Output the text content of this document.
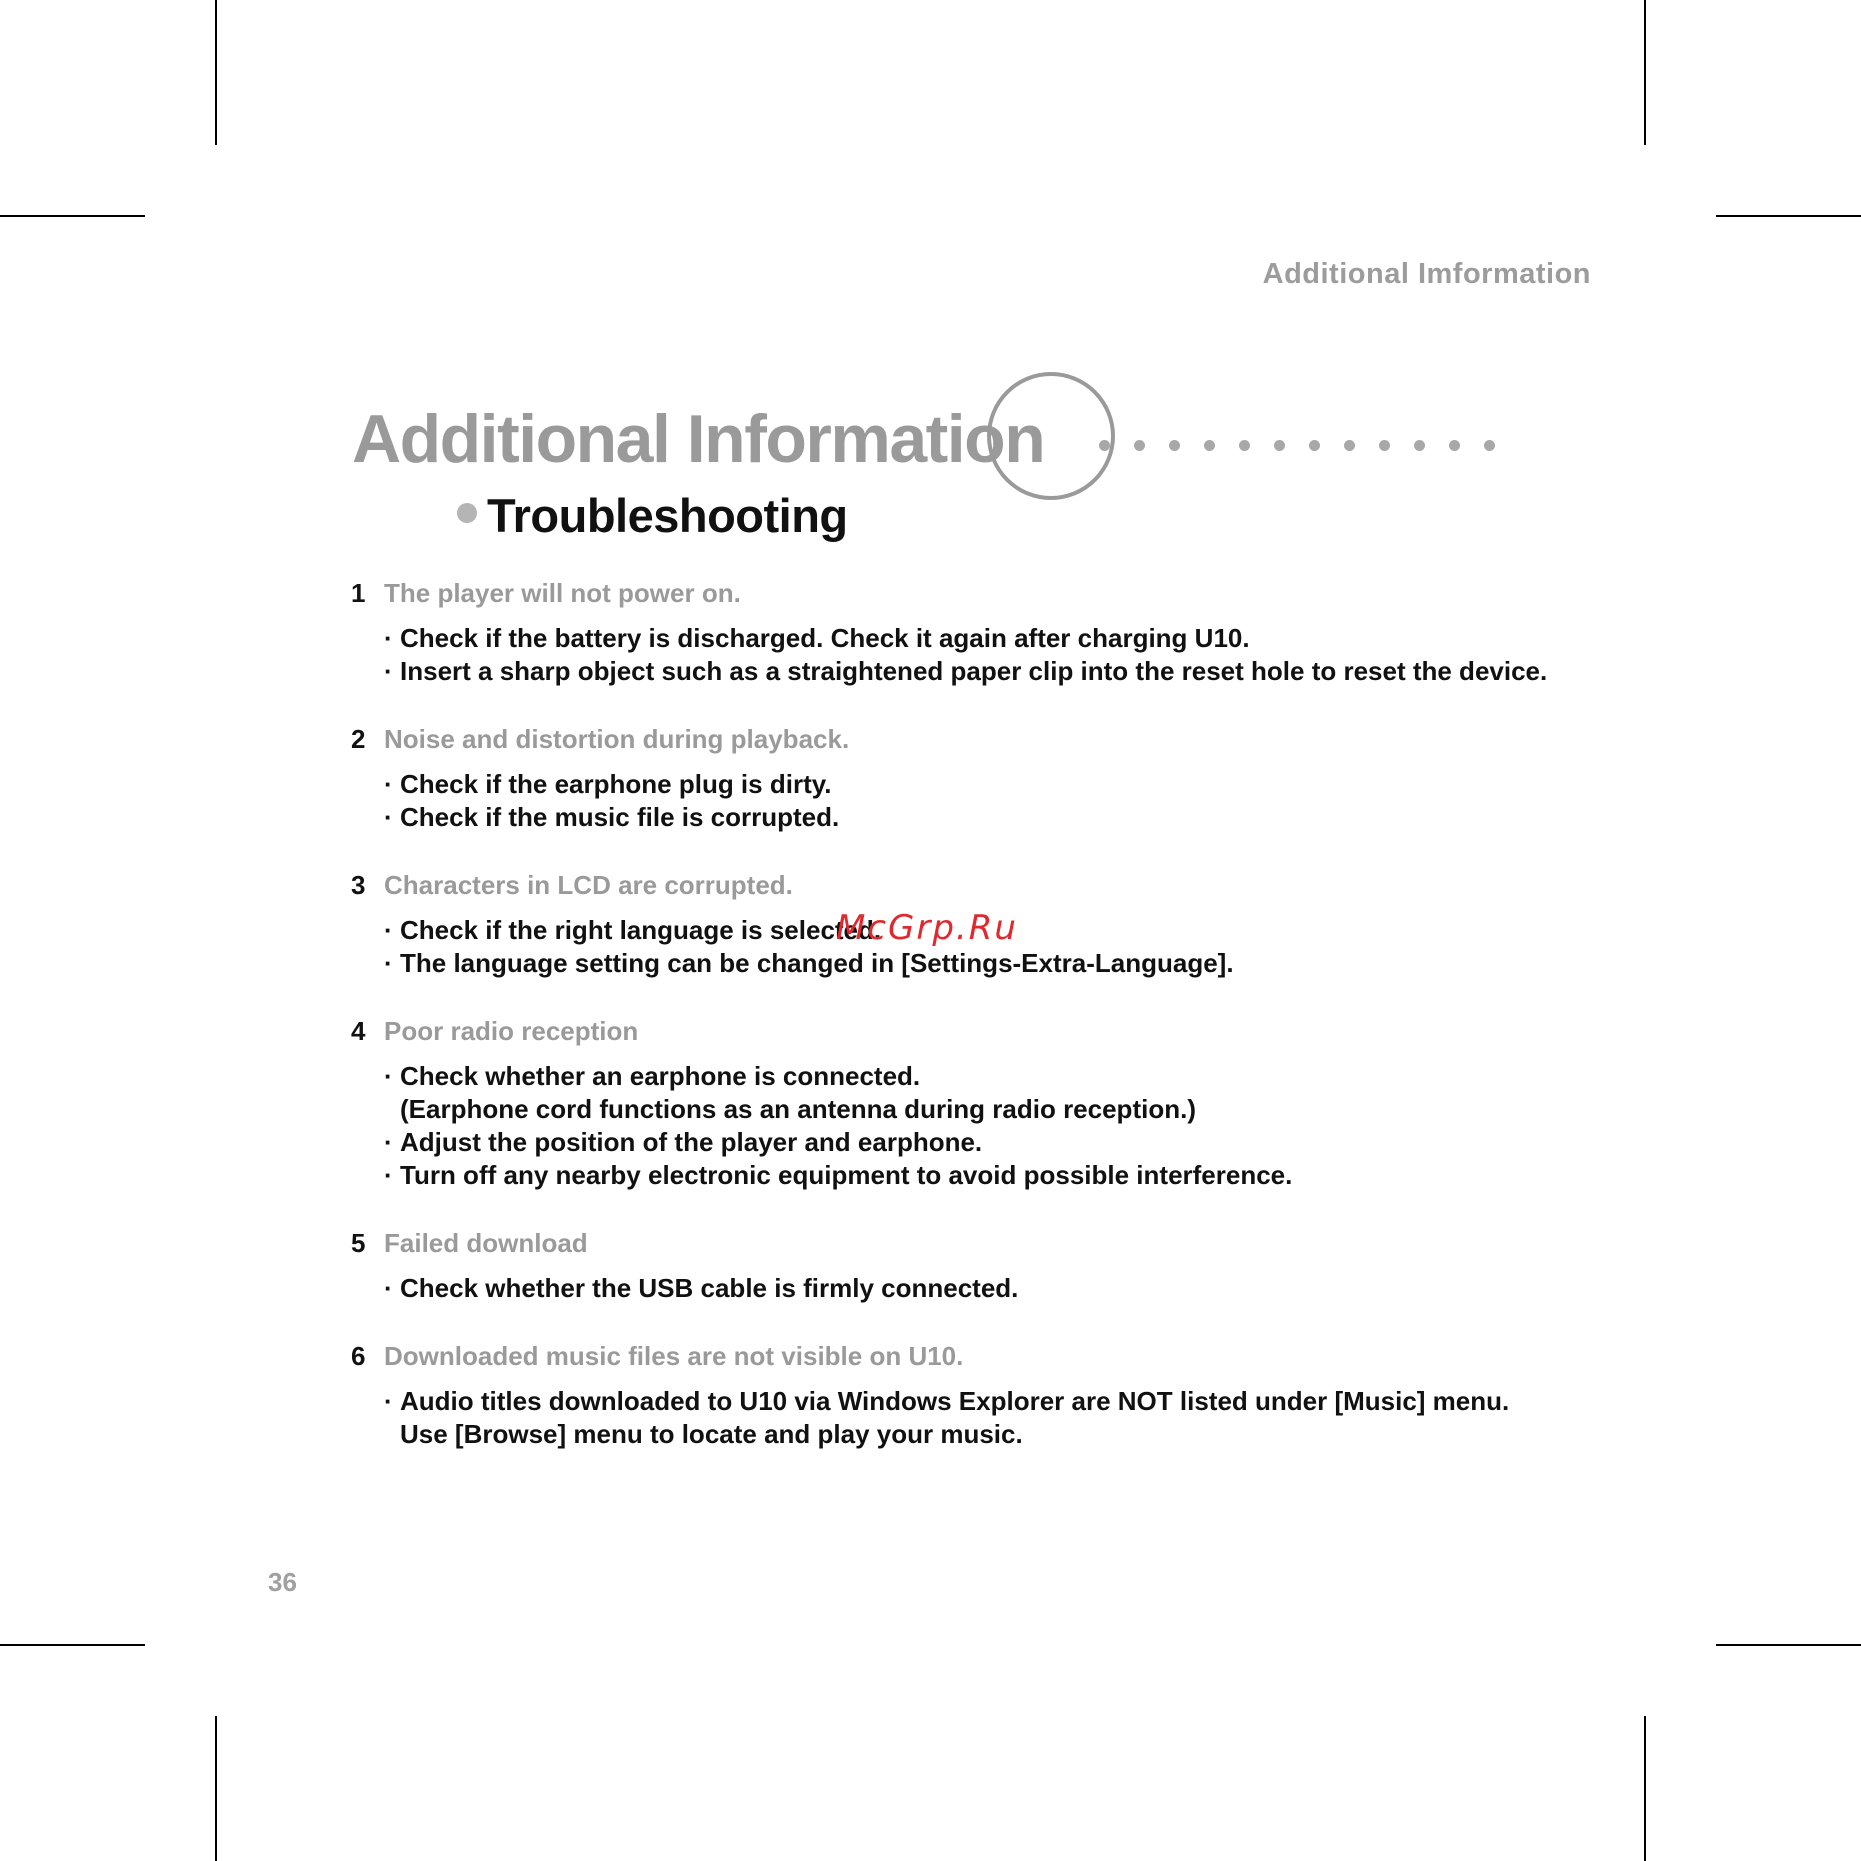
Additional Imformation
Additional Information
Troubleshooting
1 The player will not power on.
· Check if the battery is discharged. Check it again after charging U10.
· Insert a sharp object such as a straightened paper clip into the reset hole to reset the device.
2 Noise and distortion during playback.
· Check if the earphone plug is dirty.
· Check if the music file is corrupted.
3 Characters in LCD are corrupted.
· Check if the right language is selected.
· The language setting can be changed in [Settings-Extra-Language].
4 Poor radio reception
· Check whether an earphone is connected.
(Earphone cord functions as an antenna during radio reception.)
· Adjust the position of the player and earphone.
· Turn off any nearby electronic equipment to avoid possible interference.
5 Failed download
· Check whether the USB cable is firmly connected.
6 Downloaded music files are not visible on U10.
· Audio titles downloaded to U10 via Windows Explorer are NOT listed under [Music] menu.
Use [Browse] menu to locate and play your music.
McGrp.Ru
36
